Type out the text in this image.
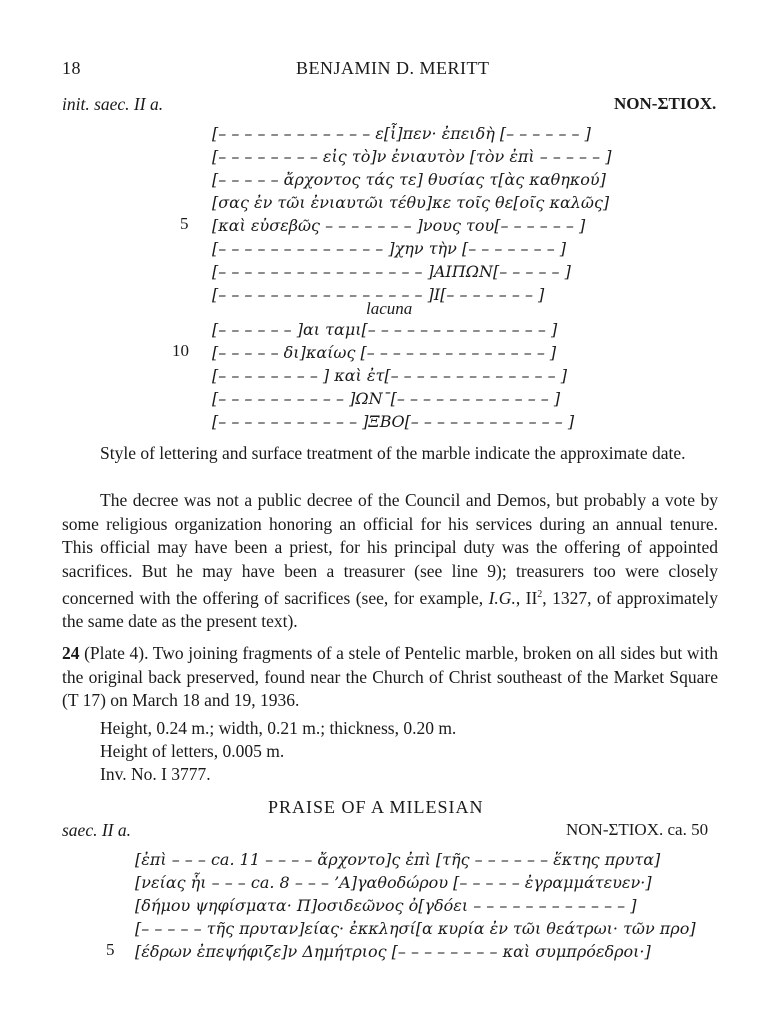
18	BENJAMIN D. MERITT
init. saec. II a.	NON-ΣΤΙΟΧ.
[– – – – – – – – – – – – ε[ἶ]πεν· ἐπειδὴ [– – – – – – ]
[– – – – – – – – εἰς τὸ]ν ἐνιαυτὸν [τὸν ἐπὶ – – – – – ]
[– – – – – ἄρχοντος τάς τε] θυσίας τ[ὰς καθηκού]
[σας ἐν τῶι ἐνιαυτῶι τέθυ]κε τοῖς θε[οῖς καλῶς]
5 [καὶ εὐσεβῶς – – – – – – – ]νους του[– – – – – – ]
[– – – – – – – – – – – – – ]χην τὴν [– – – – – – – ]
[– – – – – – – – – – – – – – – – ]ΑΙΠΩΝ[– – – – – ]
[– – – – – – – – – – – – – – – – ]Ι[– – – – – – – ]
lacuna
[– – – – – – ]αι ταμι[– – – – – – – – – – – – – – ]
10 [– – – – – δι]καίως [– – – – – – – – – – – – – – ]
[– – – – – – – – ] καὶ ἐτ[– – – – – – – – – – – – – ]
[– – – – – – – – – – ]ΩΝ¯[– – – – – – – – – – – – ]
[– – – – – – – – – – – ]ΞΒΟ[– – – – – – – – – – – – ]

Style of lettering and surface treatment of the marble indicate the approximate date.

The decree was not a public decree of the Council and Demos, but probably a vote by some religious organization honoring an official for his services during an annual tenure. This official may have been a priest, for his principal duty was the offering of appointed sacrifices. But he may have been a treasurer (see line 9); treasurers too were closely concerned with the offering of sacrifices (see, for example, I.G., $II^2$, 1327, of approximately the same date as the present text).

24 (Plate 4). Two joining fragments of a stele of Pentelic marble, broken on all sides but with the original back preserved, found near the Church of Christ southeast of the Market Square (T 17) on March 18 and 19, 1936.

Height, 0.24 m.; width, 0.21 m.; thickness, 0.20 m.
Height of letters, 0.005 m.
Inv. No. I 3777.
PRAISE OF A MILESIAN
saec. II a.	NON-ΣΤΙΟΧ. ca. 50
[ἐπὶ – – – ca. 11 – – – – ἄρχοντο]ς ἐπὶ [τῆς – – – – – – ἕκτης πρυτα]
[νείας ἧι – – – ca. 8 – – – ’Α]γαθοδώρου [– – – – – ἐγραμμάτευεν·]
[δήμου ψηφίσματα· Π]οσιδεῶνος ὀ[γδόει – – – – – – – – – – – – ]
[– – – – – τῆς πρυταν]είας· ἐκκλησί[α κυρία ἐν τῶι θεάτρωι· τῶν προ]
5 [έδρων ἐπεψήφιζε]ν Δημήτριος [– – – – – – – – καὶ συμπρόεδροι·]
